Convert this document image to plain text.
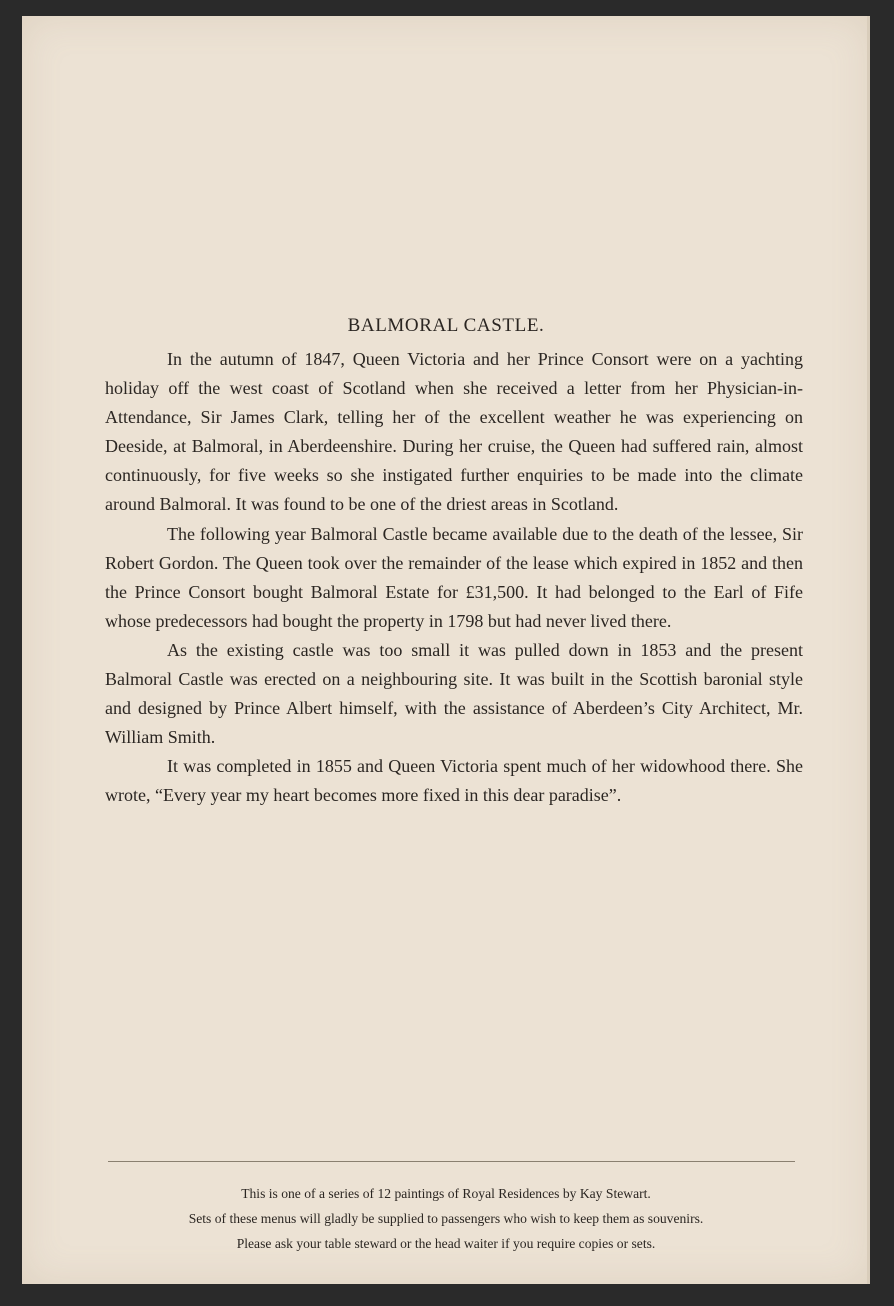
BALMORAL CASTLE.

In the autumn of 1847, Queen Victoria and her Prince Consort were on a yachting holiday off the west coast of Scotland when she received a letter from her Physician-in-Attendance, Sir James Clark, telling her of the excellent weather he was experiencing on Deeside, at Balmoral, in Aberdeenshire. During her cruise, the Queen had suffered rain, almost continuously, for five weeks so she instigated further enquiries to be made into the climate around Balmoral. It was found to be one of the driest areas in Scotland.

The following year Balmoral Castle became available due to the death of the lessee, Sir Robert Gordon. The Queen took over the remainder of the lease which expired in 1852 and then the Prince Consort bought Balmoral Estate for £31,500. It had belonged to the Earl of Fife whose predecessors had bought the property in 1798 but had never lived there.

As the existing castle was too small it was pulled down in 1853 and the present Balmoral Castle was erected on a neighbouring site. It was built in the Scottish baronial style and designed by Prince Albert himself, with the assistance of Aberdeen’s City Architect, Mr. William Smith.

It was completed in 1855 and Queen Victoria spent much of her widowhood there. She wrote, “Every year my heart becomes more fixed in this dear paradise”.

This is one of a series of 12 paintings of Royal Residences by Kay Stewart.
Sets of these menus will gladly be supplied to passengers who wish to keep them as souvenirs.
Please ask your table steward or the head waiter if you require copies or sets.
